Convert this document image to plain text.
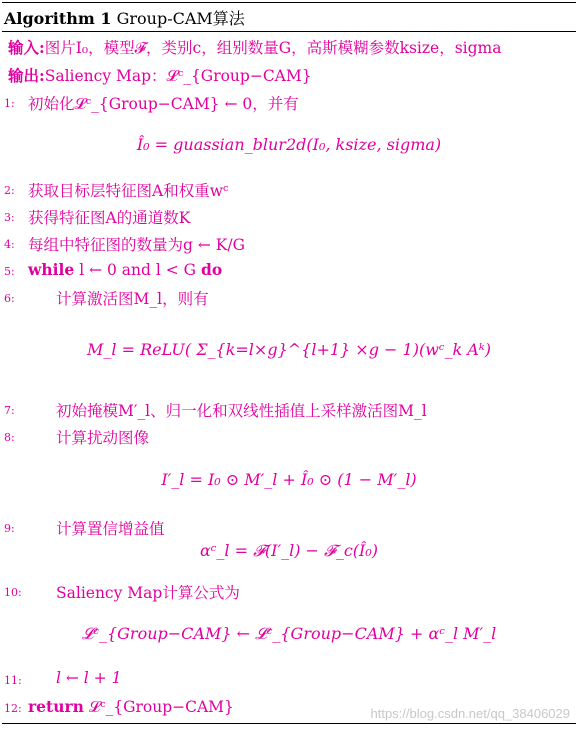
Algorithm 1 Group-CAM算法
输入:图片I₀，模型𝓕，类别c，组别数量G，高斯模糊参数ksize，sigma
输出:Saliency Map：𝓛ᶜ_{Group−CAM}
1: 初始化𝓛ᶜ_{Group−CAM} ← 0，并有
Î₀ = guassian_blur2d(I₀, ksize, sigma)
2: 获取目标层特征图A和权重wᶜ
3: 获得特征图A的通道数K
4: 每组中特征图的数量为g ← K/G
5: while l ← 0 and l < G do
6:	计算激活图M_l，则有
M_l = ReLU( Σ_{k=l×g}^{l+1} ×g − 1)(wᶜ_k Aᵏ)
7:	初始掩模M′_l、归一化和双线性插值上采样激活图M_l
8:	计算扰动图像
I′_l = I₀ ⊙ M′_l + Î₀ ⊙ (1 − M′_l)
9:	计算置信增益值
αᶜ_l = 𝓕(I′_l) − 𝓕_c(Î₀)
10: Saliency Map计算公式为
𝓛ᶜ_{Group−CAM} ← 𝓛ᶜ_{Group−CAM} + αᶜ_l M′_l
11: l ← l + 1
12: return 𝓛ᶜ_{Group−CAM}	https://blog.csdn.net/qq_38406029
